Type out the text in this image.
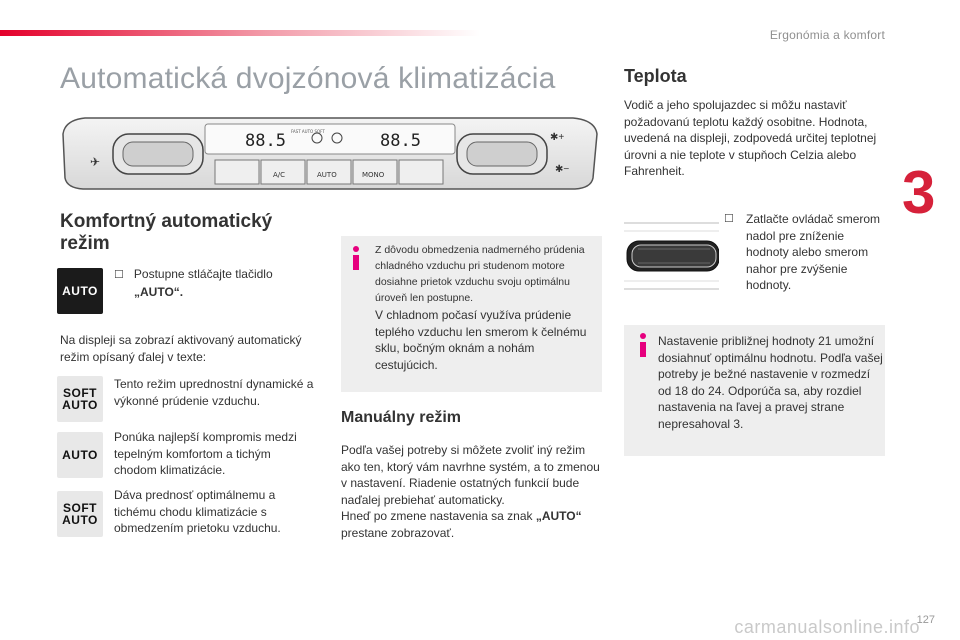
Ergonómia a komfort
3
Automatická dvojzónová klimatizácia
88.5	88.5
FAST AUTO SOFT
A/C	AUTO	MONO
✈
✱+
✱−
Komfortný automatický režim
AUTO
☐ Postupne stláčajte tlačidlo
„AUTO“.
Na displeji sa zobrazí aktivovaný automatický režim opísaný ďalej v texte:
SOFT
AUTO
Tento režim uprednostní dynamické a výkonné prúdenie vzduchu.
AUTO
Ponúka najlepší kompromis medzi tepelným komfortom a tichým chodom klimatizácie.
SOFT
AUTO
Dáva prednosť optimálnemu a tichému chodu klimatizácie s obmedzením prietoku vzduchu.
Z dôvodu obmedzenia nadmerného prúdenia chladného vzduchu pri studenom motore dosiahne prietok vzduchu svoju optimálnu úroveň len postupne.
V chladnom počasí využíva prúdenie teplého vzduchu len smerom k čelnému sklu, bočným oknám a nohám cestujúcich.
Manuálny režim
Podľa vašej potreby si môžete zvoliť iný režim ako ten, ktorý vám navrhne systém, a to zmenou v nastavení. Riadenie ostatných funkcií bude naďalej prebiehať automaticky.
Hneď po zmene nastavenia sa znak „AUTO“ prestane zobrazovať.
Teplota
Vodič a jeho spolujazdec si môžu nastaviť požadovanú teplotu každý osobitne. Hodnota, uvedená na displeji, zodpovedá určitej teplotnej úrovni a nie teplote v stupňoch Celzia alebo Fahrenheit.
☐	Zatlačte ovládač smerom nadol pre zníženie hodnoty alebo smerom nahor pre zvýšenie hodnoty.
Nastavenie približnej hodnoty 21 umožní dosiahnuť optimálnu hodnotu. Podľa vašej potreby je bežné nastavenie v rozmedzí od 18 do 24. Odporúča sa, aby rozdiel nastavenia na ľavej a pravej strane nepresahoval 3.
127
carmanualsonline.info
